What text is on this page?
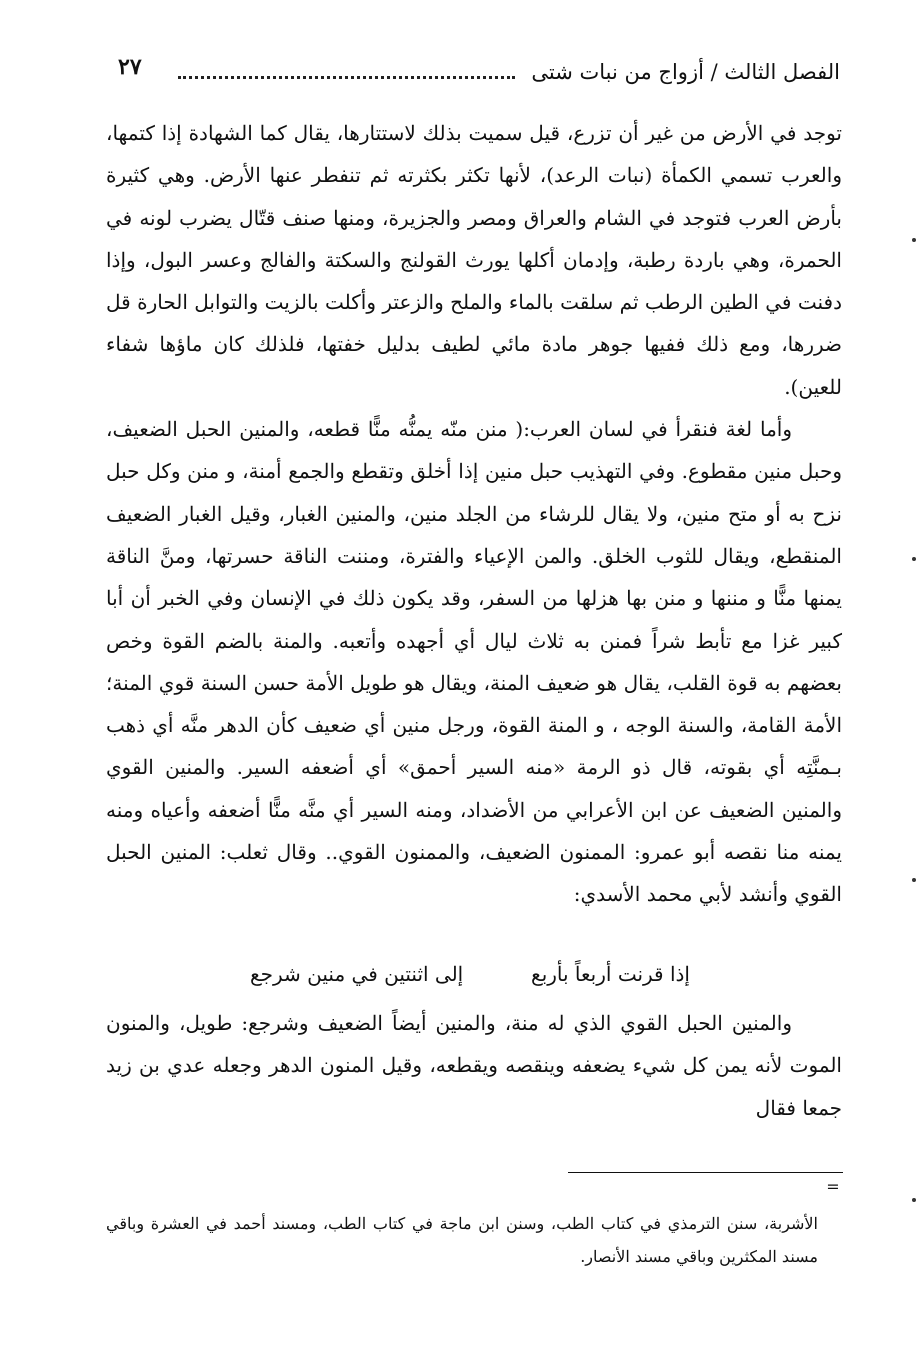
الفصل الثالث / أزواج من نبات شتى
٢٧

توجد في الأرض من غير أن تزرع، قيل سميت بذلك لاستتارها، يقال كما الشهادة إذا كتمها، والعرب تسمي الكمأة (نبات الرعد)، لأنها تكثر بكثرته ثم تنفطر عنها الأرض. وهي كثيرة بأرض العرب فتوجد في الشام والعراق ومصر والجزيرة، ومنها صنف قتّال يضرب لونه في الحمرة، وهي باردة رطبة، وإدمان أكلها يورث القولنج والسكتة والفالج وعسر البول، وإذا دفنت في الطين الرطب ثم سلقت بالماء والملح والزعتر وأكلت بالزيت والتوابل الحارة قل ضررها، ومع ذلك ففيها جوهر مادة مائي لطيف بدليل خفتها، فلذلك كان ماؤها شفاء للعين).

وأما لغة فنقرأ في لسان العرب:( منن منّه يمنُّه منًّا قطعه، والمنين الحبل الضعيف، وحبل منين مقطوع. وفي التهذيب حبل منين إذا أخلق وتقطع والجمع أمنة، و منن وكل حبل نزح به أو متح منين، ولا يقال للرشاء من الجلد منين، والمنين الغبار، وقيل الغبار الضعيف المنقطع، ويقال للثوب الخلق. والمن الإعياء والفترة، ومننت الناقة حسرتها، ومنَّ الناقة يمنها منًّا و مننها و منن بها هزلها من السفر، وقد يكون ذلك في الإنسان وفي الخبر أن أبا كبير غزا مع تأبط شراً فمنن به ثلاث ليال أي أجهده وأتعبه. والمنة بالضم القوة وخص بعضهم به قوة القلب، يقال هو ضعيف المنة، ويقال هو طويل الأمة حسن السنة قوي المنة؛ الأمة القامة، والسنة الوجه ، و المنة القوة، ورجل منين أي ضعيف كأن الدهر منَّه أي ذهب بـمنَّتِه أي بقوته، قال ذو الرمة «منه السير أحمق» أي أضعفه السير. والمنين القوي والمنين الضعيف عن ابن الأعرابي من الأضداد، ومنه السير أي منَّه منًّا أضعفه وأعياه ومنه يمنه منا نقصه أبو عمرو: الممنون الضعيف، والممنون القوي.. وقال ثعلب: المنين الحبل القوي وأنشد لأبي محمد الأسدي:

إذا قرنت أربعاً بأربع
إلى اثنتين في منين شرجع

والمنين الحبل القوي الذي له منة، والمنين أيضاً الضعيف وشرجع: طويل، والمنون الموت لأنه يمن كل شيء يضعفه وينقصه ويقطعه، وقيل المنون الدهر وجعله عدي بن زيد جمعا فقال

=
الأشربة، سنن الترمذي في كتاب الطب، وسنن ابن ماجة في كتاب الطب، ومسند أحمد في العشرة وباقي مسند المكثرين وباقي مسند الأنصار.
